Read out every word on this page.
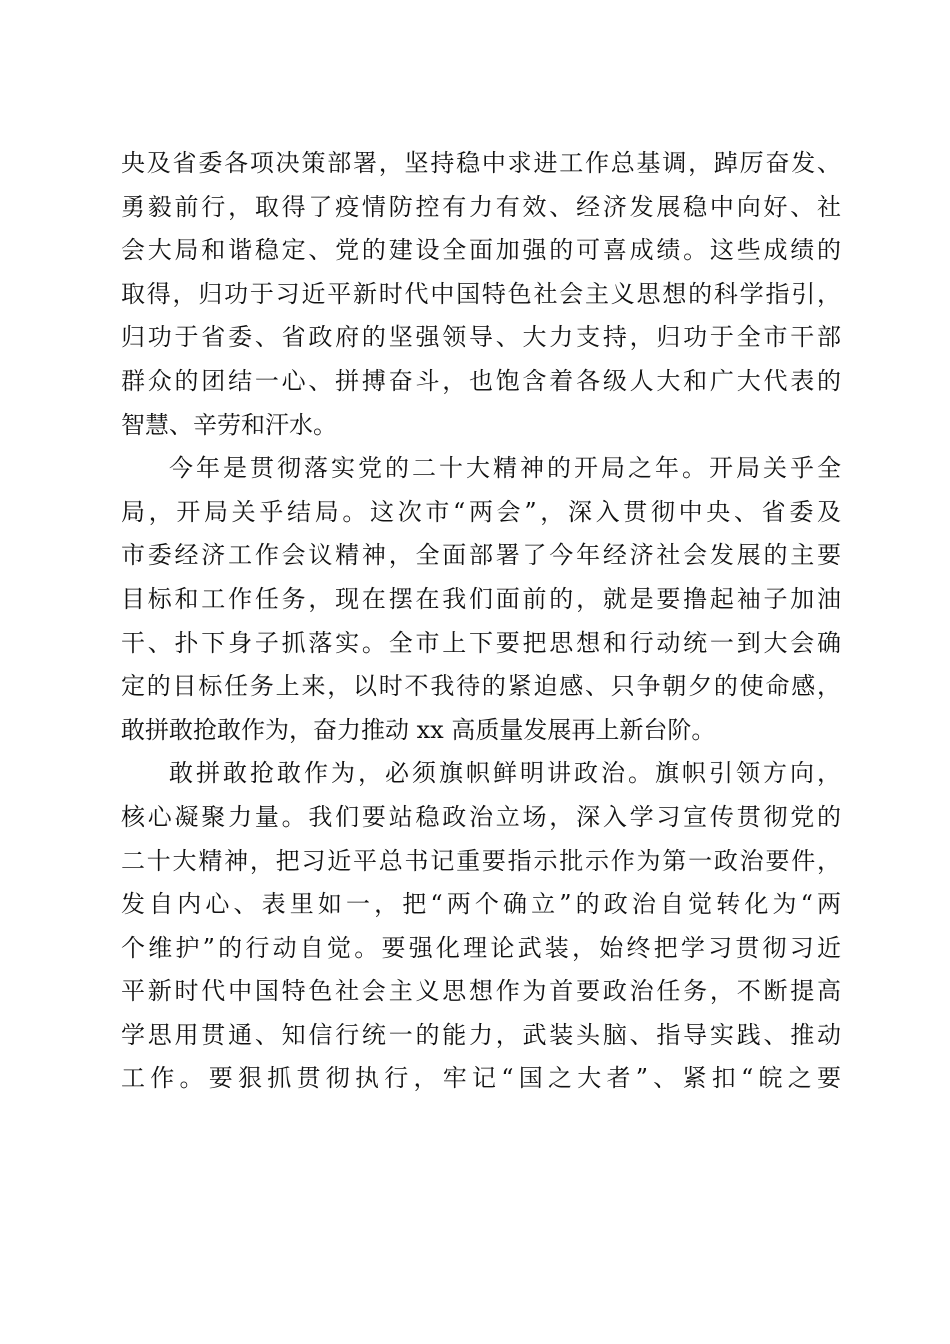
央及省委各项决策部署，坚持稳中求进工作总基调，踔厉奋发、
勇毅前行，取得了疫情防控有力有效、经济发展稳中向好、社
会大局和谐稳定、党的建设全面加强的可喜成绩。这些成绩的
取得，归功于习近平新时代中国特色社会主义思想的科学指引，
归功于省委、省政府的坚强领导、大力支持，归功于全市干部
群众的团结一心、拼搏奋斗，也饱含着各级人大和广大代表的
智慧、辛劳和汗水。
今年是贯彻落实党的二十大精神的开局之年。开局关乎全
局，开局关乎结局。这次市“两会”，深入贯彻中央、省委及
市委经济工作会议精神，全面部署了今年经济社会发展的主要
目标和工作任务，现在摆在我们面前的，就是要撸起袖子加油
干、扑下身子抓落实。全市上下要把思想和行动统一到大会确
定的目标任务上来，以时不我待的紧迫感、只争朝夕的使命感，
敢拼敢抢敢作为，奋力推动 xx 高质量发展再上新台阶。
敢拼敢抢敢作为，必须旗帜鲜明讲政治。旗帜引领方向，
核心凝聚力量。我们要站稳政治立场，深入学习宣传贯彻党的
二十大精神，把习近平总书记重要指示批示作为第一政治要件，
发自内心、表里如一，把“两个确立”的政治自觉转化为“两
个维护”的行动自觉。要强化理论武装，始终把学习贯彻习近
平新时代中国特色社会主义思想作为首要政治任务，不断提高
学思用贯通、知信行统一的能力，武装头脑、指导实践、推动
工作。要狠抓贯彻执行，牢记“国之大者”、紧扣“皖之要
